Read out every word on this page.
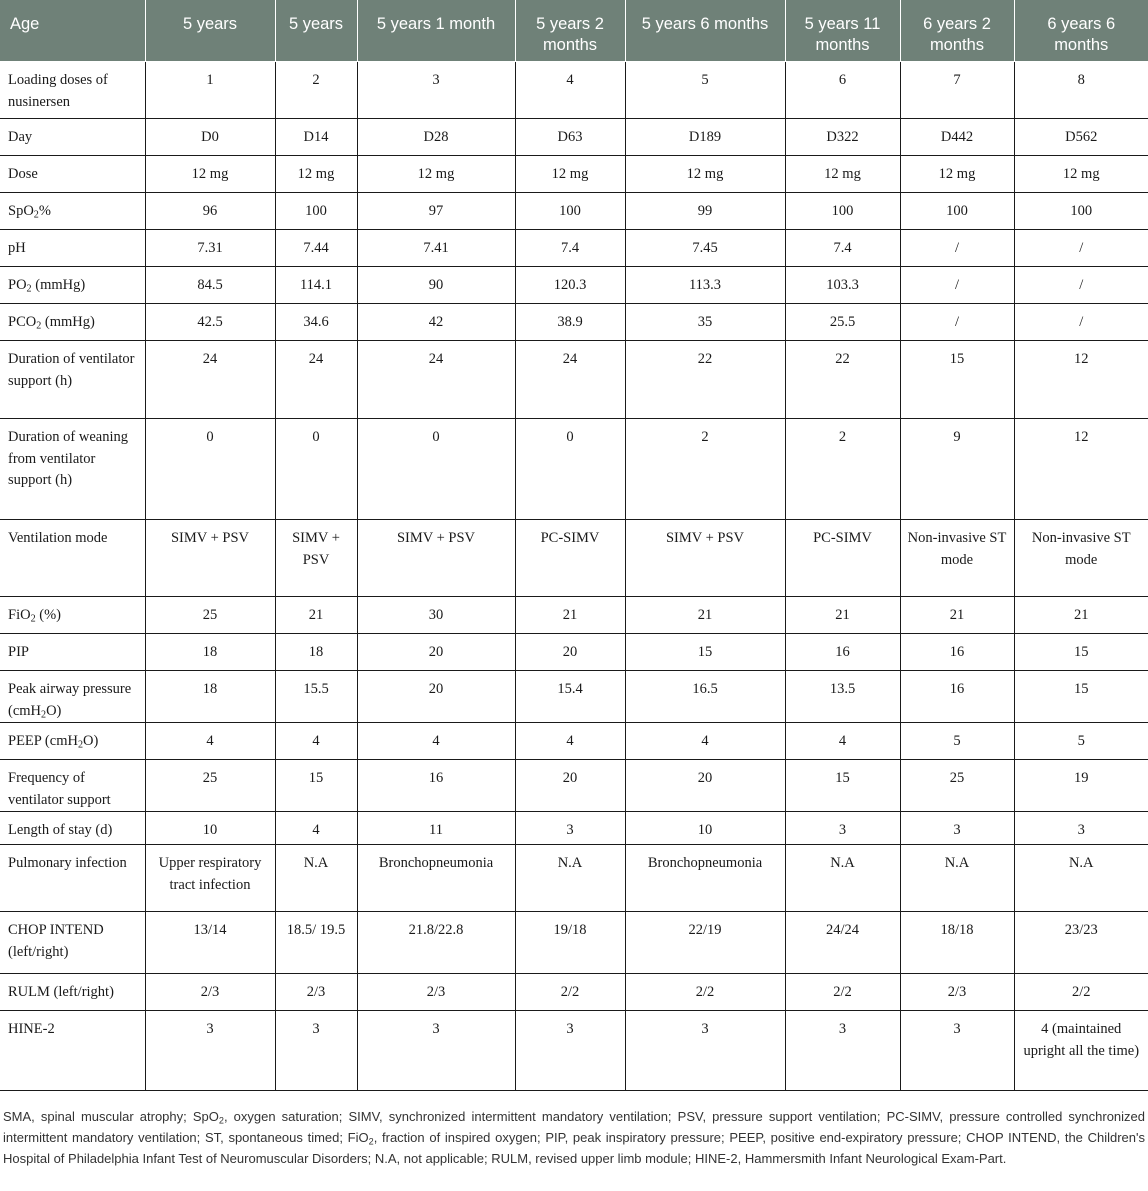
Age	5 years	5 years	5 years 1 month	5 years 2 months	5 years 6 months	5 years 11 months	6 years 2 months	6 years 6 months
Loading doses of nusinersen	1	2	3	4	5	6	7	8
Day	D0	D14	D28	D63	D189	D322	D442	D562
Dose	12 mg	12 mg	12 mg	12 mg	12 mg	12 mg	12 mg	12 mg
SpO$_2$%	96	100	97	100	99	100	100	100
pH	7.31	7.44	7.41	7.4	7.45	7.4	/	/
$PO_2$ (mmHg)	84.5	114.1	90	120.3	113.3	103.3	/	/
$PCO_2$ (mmHg)	42.5	34.6	42	38.9	35	25.5	/	/
Duration of ventilator support (h)	24	24	24	24	22	22	15	12
Duration of weaning from ventilator support (h)	0	0	0	0	2	2	9	12
Ventilation mode	SIMV + PSV	SIMV + PSV	SIMV + PSV	PC-SIMV	SIMV + PSV	PC-SIMV	Non-invasive ST mode	Non-invasive ST mode
FiO$_2$ (%)	25	21	30	21	21	21	21	21
PIP	18	18	20	20	15	16	16	15
Peak airway pressure (cmH$_2$O)	18	15.5	20	15.4	16.5	13.5	16	15
PEEP (cmH$_2$O)	4	4	4	4	4	4	5	5
Frequency of ventilator support	25	15	16	20	20	15	25	19
Length of stay (d)	10	4	11	3	10	3	3	3
Pulmonary infection	Upper respiratory tract infection	N.A	Bronchopneumonia	N.A	Bronchopneumonia	N.A	N.A	N.A
CHOP INTEND (left/right)	13/14	18.5/ 19.5	21.8/22.8	19/18	22/19	24/24	18/18	23/23
RULM (left/right)	2/3	2/3	2/3	2/2	2/2	2/2	2/3	2/2
HINE-2	3	3	3	3	3	3	3	4 (maintained upright all the time)

SMA, spinal muscular atrophy; SpO$_2$, oxygen saturation; SIMV, synchronized intermittent mandatory ventilation; PSV, pressure support ventilation; PC-SIMV, pressure controlled synchronized intermittent mandatory ventilation; ST, spontaneous timed; FiO$_2$, fraction of inspired oxygen; PIP, peak inspiratory pressure; PEEP, positive end-expiratory pressure; CHOP INTEND, the Children's Hospital of Philadelphia Infant Test of Neuromuscular Disorders; N.A, not applicable; RULM, revised upper limb module; HINE-2, Hammersmith Infant Neurological Exam-Part.
